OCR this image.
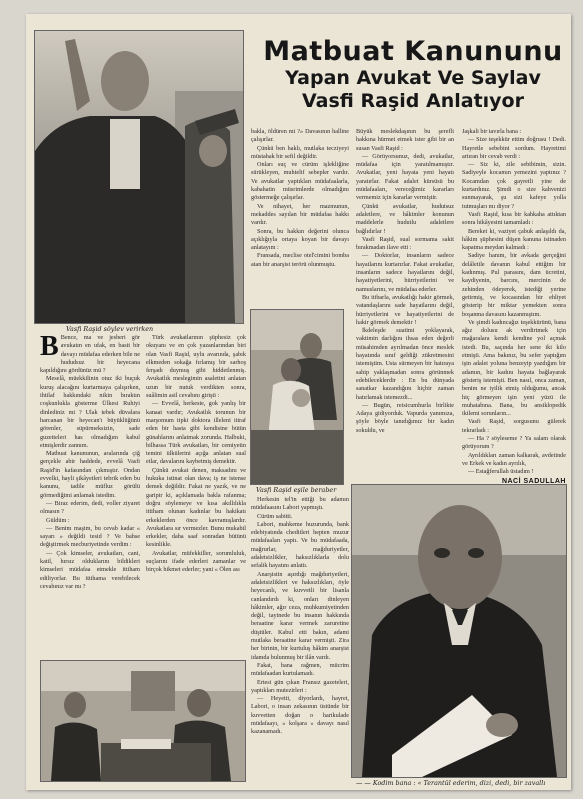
Matbuat Kanununu
Yapan Avukat Ve Saylav
Vasfi Raşid Anlatıyor
Vasfi Raşid söylev verirken
B Bence, ma ve jesberi gör avukatın en ufak, en basit bir davayı müdafaa ederken bile ne hududsuz bir heyecana kapıldığını gördünüz mü ?

Meselâ, müekkilinin otuz iki buçuk kuruş alacağını kurtarmaya çalışırken, ihtilaf hakkındaki nikin bıraktın coşkunlukla gösterme Ülkesi Ruhiyi dinlediniz mi ? Ulak tebek düvalara harcanan bir heyecan'ı büyüklüğünü görenler, süpürmeksizin, sade guzetteleri has olmadığım kabul etmişlerdir zannım.

Matbuat kanununun, aralarında çiğ gerçekle abir haddede, evvelâ Vasfi Raşid'in kafasından çıkmıştır. Ondan evvelki, hayli şikâyetleri tebrik eden bu kanunu, tadile müfluz görülü görmediğimi anlamak istedim.

— Biraz ederim, dedi, voller ziyaret olmasın ?

Güldüm :

— Benim maşim, bu cevab kadar « sayarı » değildi tesid ? Ve bahse değiştirmek mecburiyetinde verdim :

— Çok kimseler, avukatları, cani, katil, hırsız olduklarını bildikleri kimseleri müdafaa etmekle ittiham ediliyorlar. Bu ittihama verebilecek cevabınız var mı ?

Türk avukatlarının şüphesiz çok okuyanı ve en çok yazanlarından biri olan Vasfi Raşid, uylu avarında, şabık elkmeden sokağa fırlamış bir sarhoş ferşadı duymuş gibi hiddetlenmiş. Avukatlık meslegimin asaletini anlatan uzun bir nutuk verdikten sonra, suâlimin asil cevabını girişti :

— Evvelâ, herkeste, gok yanlış bir kanaat vardır; Avukatlık torunun bir marşomum tipki doktora illeleni itiraf eden bir hasta gibi kendisine bütün günahlarını anlatmak zorunda. Halbuki, bilhassa Türk avukatları, bir cemiyetin temini ülkülerini açığa anlatan sual etlar, davalarını kaybetmiş demektir.

Çünkü avukat denen, maksadını ve hukuka istinat olan dava; iş ne istense demek değildir. Fakat ne yazık, ve ne garipir ki, açıklamada bakla rafanma; doğru söylemeye ve kısa akıllılıkla ittiham olunan kadınlar bu hakikatı erkeklerden önce kavramışlardır. Avukatlara sır vermezler. Bunu mukabil erkekler, daha saaf sonradan bütünü kesinlikle.

Avukatlar, müfekkiller, sorumluluk, suçlarını ifade ederleri zamanlar ve birçok hikmet ederler; yani « Ölen ası

bakla, öldüren mi ?» Davasının halline çalışırlar.

Çünkü ben haklı, mutlaka tecziyeyi müstahak bir sefil değildir.

Onları suç ve cürüm işlekliğine sürükleyen, muhtelif sebepler vardır. Ve avukatlar yaptıkları müdafaalarla, kabahatin müsrimlerde olmadığını göstermeğe çalışırlar.

Ve nihayet, her mazmunun, mekaddes sayılan bir müdafaa hakkı vardır.

Sonra, bu hakkın değerini olunca açıklığıyla ortaya koyan bir davayı anlatayım :

Fransada, meclise otel'cimini bomba atan bir anarşist terörü olunmuştu.

Vasfi Raşid eşile beraber

Herkesin tel'in ettiği bu adamın müdafaasını Labori yapmıştı.

Cürüm sabitti.

Labori, mahkeme huzurunda, bank edebiyatında cheditleri hepten muzur müdafaaları yaptı. Ve bu müdafaada, mağrurlar, mağduriyetler, adaletsizlikler, haksızlıklarla dolu sefalik hayatını anlattı.

Anarşistin aşırdığı mağduriyetleri, adaletsizlikleri ve haksızlıkları, öyle heyecanlı, ve kuvvetli bir lisanla canlandırdı ki, onları dinleyen hâkimler, ağır ceza, muhkumiyetinden değil, tayinede bu insanın hakkında beraatine karar vermek zaruretine düştüler. Kabul etti bakın, adami mutlaka beraatine karar vermişti. Zira her birinin, bir kurtuluş hâkim anarşist idamda bulunmuş bir ilân vardı.

Fakat, bana rağmen, mücrim müdafaadan kurtulamadı.

Ertesi gün çıkan Fransız gazeteleri, yaptıkları mutezirleri :

— Heyetti, diyorlardı, hayret, Labori, o insan zekasının üstünde bir kuvvetten doğan o harikulade müdafaayı, « kolşara » davayı nasıl kazanamadı.

Büyük meslekdaşının bu şerefli hakkına hürmet etmek ister gibi bir an susan Vasfi Raşid :

— Görüyorsunuz, dedi, avukatlar, müdafaa için yaratılmamıştır. Avukatlar, yeni hayata yeni hayatı yaratırlar. Fakat adalet kürsüsü bu müdafaaları, vereceğimiz kararları vermemiz için kararlar vermiştir.

Çünkü avukatlar, hudutsuz adaletlere, ve hâkimler konunun maddelerle hudutlu adaletlere bağlıdırlar !

Vasfi Raşid, sual sormama sakit bırakmadan ilave etti :

— Doktorlar, insanların sadece hayatlarını kurtarırlar. Fakat avukatlar, insanların sadece hayatlarını değil, hayatiyetlerini, hürriyetlerini ve namuslarını, ve müdafaa ederler.

Bu itibarla, avukatlığı hakir görmek, vatandaşlarını sade hayatlarını değil, hürriyetlerini ve hayatiyetlerini de hakir görmek demektir !

İkdeleşde suatimi yoklayarak, vaktimin darlığını ihsas eden değerli müsahimden ayrılmadan önce meslek hayatında sınıf geldiği zükretmesini istemiştim. Usta sürmeyen bir hatıraya sahip yaklaşmadan sonra görünmek edebileceklerdir : En bu dünyada sanatkar kazandığını hiçbir zaman hatırlamak istemezdi...

— Bugün, reisicumhurla birlikte Adaya gidiyorduk. Vapurda yanımıza, şöyle böyle tanıdığımız bir kadın sokuldu, ve

Jaşkali bir tavırla bana :

— Size teşekkür ettim doğrusu ! Dedi. Hayretle sebebini sordum. Hayretimi artıran bir cevab verdi :

— Siz ki, zile sebibimin, sizin. Sadiyeyle kocamın yemezini yaptınız ? Kocamdan çok gayretli yine de kurtardınız. Şimdi o size kahvenizi sunmayarak, şu sizi kafeye yolla tutmuşları mı diyor ?

Vasfi Raşid, kısa bir kahkaha attıktan sonra hikâyesini tamamladı :

Bereket ki, vaziyet çabuk anlaşıldı da, hâkim şüphesini düşen kanuna istinaden kapatma meydan kalmadı :

Sadiye hanım, bir avkada gerçeğini delâletile davanın kabul ettiğim bir kadınmış. Pul parasını, dam ücretini, kaydiyenin, barcını, mercinin de zehinden ödeyerek, istediği yerine getirmiş, ve kocasından bir ehliyet gösterip bir miktar yemekten sonra boşanma davasını kazanmıştım.

Ve şimdi kadıncağız teşekkürünü, bana ağız dolusu ak verdirtmek için mağaralara kendi kendine yol açmak istedi. Bu, saçında her sene iki kilo etmişti. Ama bakınız, bu sefer yaptığım işin adalet yoluna benzeyip yazdığım bir adamın, bir kadını hayata bağlayarak gösteriş istemişti. Ben nasıl, onca zaman, benim ne iyilik etmiş olduğumu, ancak hiç görmeyen işin yeni yüzü ile muhatabına. Bana, bu ansiklopedik ikilemi sorunların...

Vasfi Raşid, sorgusunu gülerek tekrarladı :

— Ha ? söyleseme ? Ya salam olarak görüyorum ?

Ayrıldıkları zaman kalkarak, avdetinde ve Erkek ve kadın ayrılık,

— Estağferullah üstadım !

NACİ SADULLAH
— — Kodim bana : « Terantül ederim, dizi, dedi, bir zavallı
